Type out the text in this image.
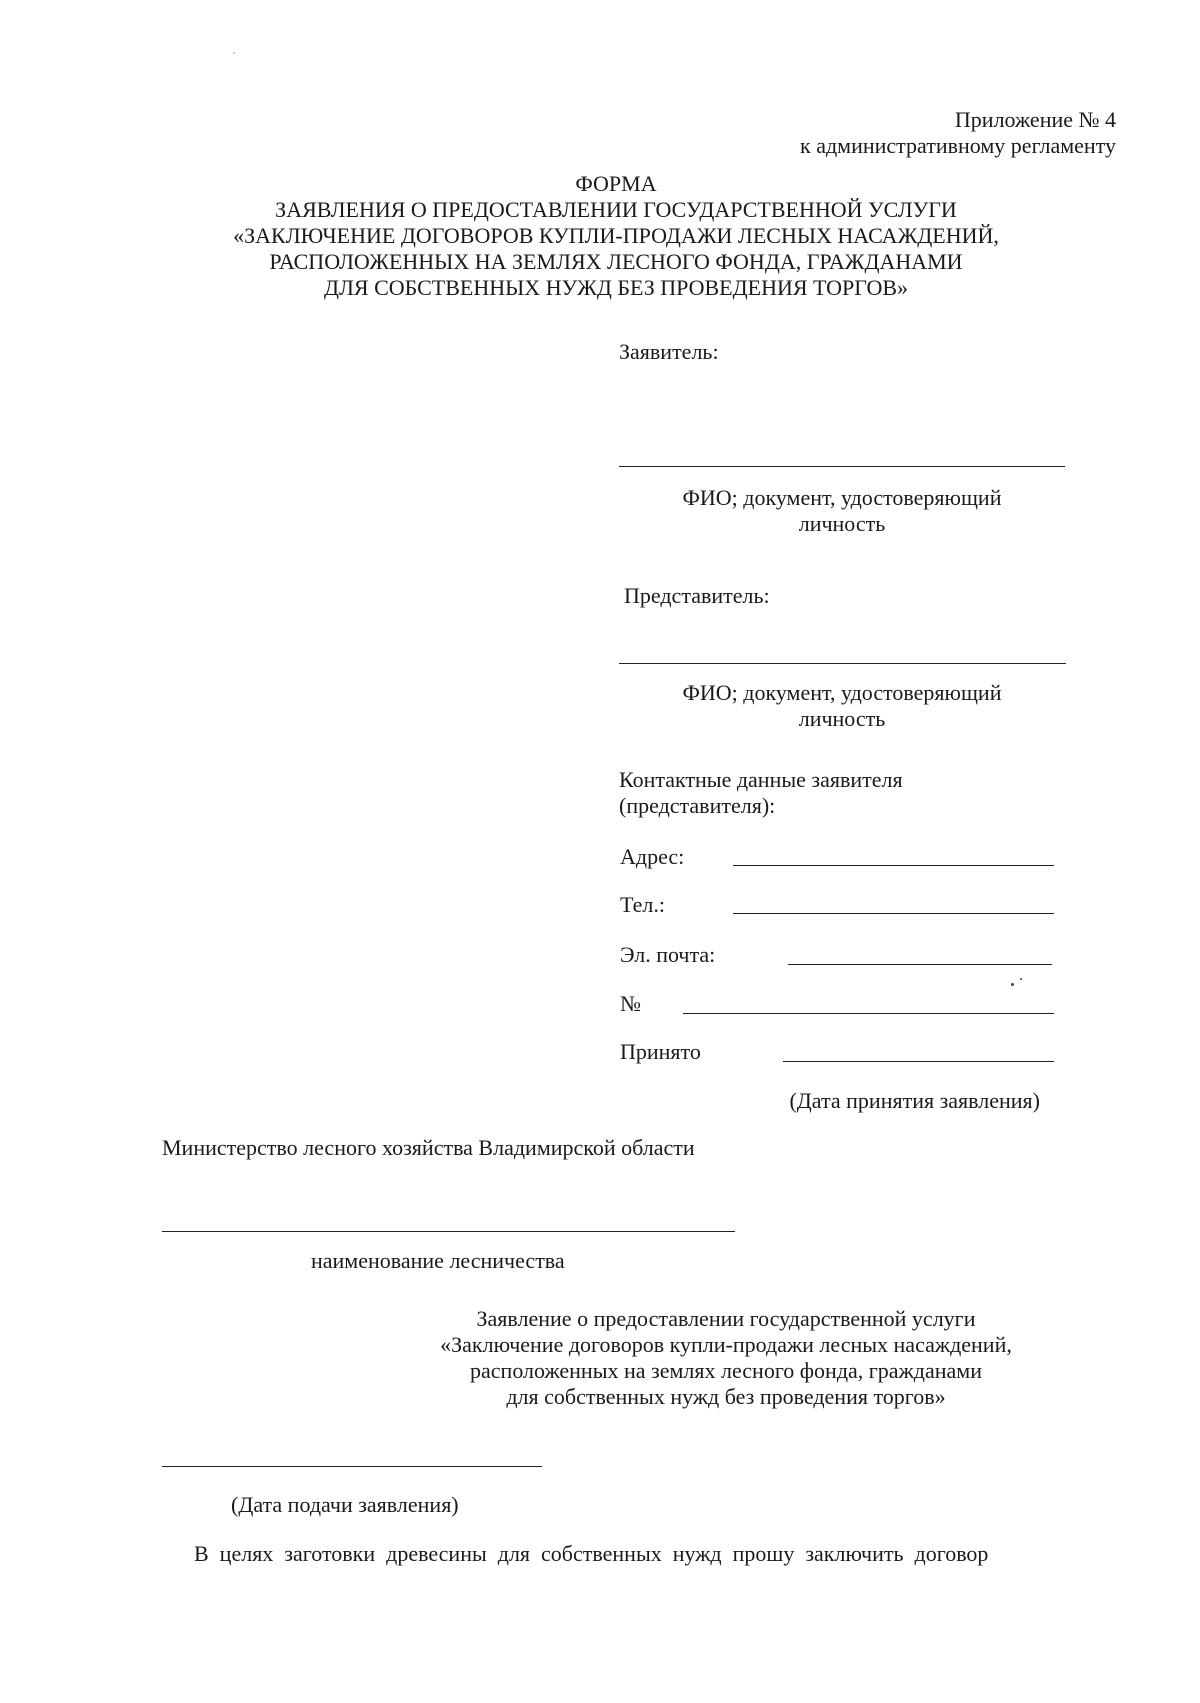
Приложение № 4
к административному регламенту
ФОРМА
ЗАЯВЛЕНИЯ О ПРЕДОСТАВЛЕНИИ ГОСУДАРСТВЕННОЙ УСЛУГИ
«ЗАКЛЮЧЕНИЕ ДОГОВОРОВ КУПЛИ-ПРОДАЖИ ЛЕСНЫХ НАСАЖДЕНИЙ,
РАСПОЛОЖЕННЫХ НА ЗЕМЛЯХ ЛЕСНОГО ФОНДА, ГРАЖДАНАМИ
ДЛЯ СОБСТВЕННЫХ НУЖД БЕЗ ПРОВЕДЕНИЯ ТОРГОВ»
Заявитель:
ФИО; документ, удостоверяющий
личность
Представитель:
ФИО; документ, удостоверяющий
личность
Контактные данные заявителя
(представителя):
Адрес:
Тел.:
Эл. почта:
№
Принято
(Дата принятия заявления)
Министерство лесного хозяйства Владимирской области
наименование лесничества
Заявление о предоставлении государственной услуги
«Заключение договоров купли-продажи лесных насаждений,
расположенных на землях лесного фонда, гражданами
для собственных нужд без проведения торгов»
(Дата подачи заявления)
В  целях  заготовки  древесины  для  собственных  нужд  прошу  заключить  договор
